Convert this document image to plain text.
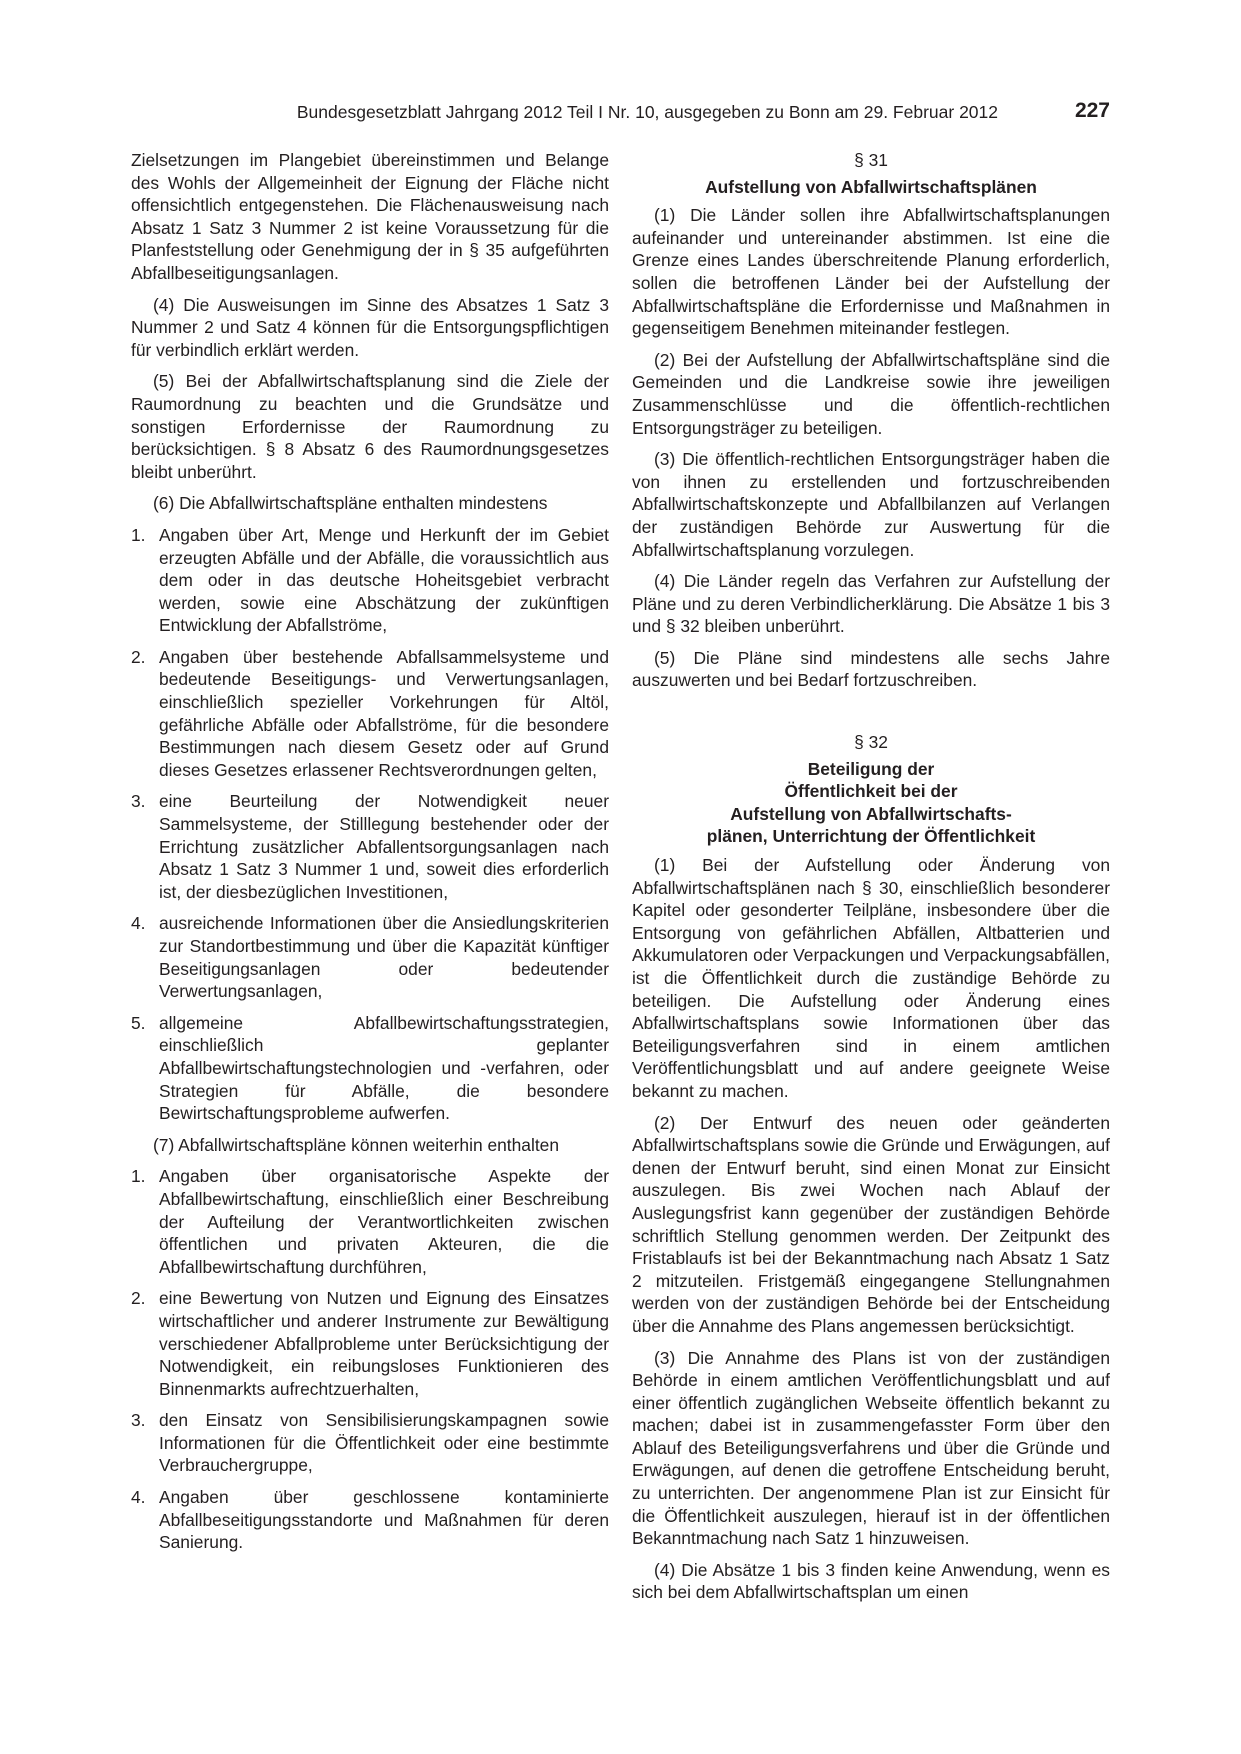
Bundesgesetzblatt Jahrgang 2012 Teil I Nr. 10, ausgegeben zu Bonn am 29. Februar 2012	227

Zielsetzungen im Plangebiet übereinstimmen und Belange des Wohls der Allgemeinheit der Eignung der Fläche nicht offensichtlich entgegenstehen. Die Flächenausweisung nach Absatz 1 Satz 3 Nummer 2 ist keine Voraussetzung für die Planfeststellung oder Genehmigung der in § 35 aufgeführten Abfallbeseitigungsanlagen.

(4) Die Ausweisungen im Sinne des Absatzes 1 Satz 3 Nummer 2 und Satz 4 können für die Entsorgungspflichtigen für verbindlich erklärt werden.

(5) Bei der Abfallwirtschaftsplanung sind die Ziele der Raumordnung zu beachten und die Grundsätze und sonstigen Erfordernisse der Raumordnung zu berücksichtigen. § 8 Absatz 6 des Raumordnungsgesetzes bleibt unberührt.

(6) Die Abfallwirtschaftspläne enthalten mindestens

1. Angaben über Art, Menge und Herkunft der im Gebiet erzeugten Abfälle und der Abfälle, die voraussichtlich aus dem oder in das deutsche Hoheitsgebiet verbracht werden, sowie eine Abschätzung der zukünftigen Entwicklung der Abfallströme,
2. Angaben über bestehende Abfallsammelsysteme und bedeutende Beseitigungs- und Verwertungsanlagen, einschließlich spezieller Vorkehrungen für Altöl, gefährliche Abfälle oder Abfallströme, für die besondere Bestimmungen nach diesem Gesetz oder auf Grund dieses Gesetzes erlassener Rechtsverordnungen gelten,
3. eine Beurteilung der Notwendigkeit neuer Sammelsysteme, der Stilllegung bestehender oder der Errichtung zusätzlicher Abfallentsorgungsanlagen nach Absatz 1 Satz 3 Nummer 1 und, soweit dies erforderlich ist, der diesbezüglichen Investitionen,
4. ausreichende Informationen über die Ansiedlungskriterien zur Standortbestimmung und über die Kapazität künftiger Beseitigungsanlagen oder bedeutender Verwertungsanlagen,
5. allgemeine Abfallbewirtschaftungsstrategien, einschließlich geplanter Abfallbewirtschaftungstechnologien und -verfahren, oder Strategien für Abfälle, die besondere Bewirtschaftungsprobleme aufwerfen.

(7) Abfallwirtschaftspläne können weiterhin enthalten

1. Angaben über organisatorische Aspekte der Abfallbewirtschaftung, einschließlich einer Beschreibung der Aufteilung der Verantwortlichkeiten zwischen öffentlichen und privaten Akteuren, die die Abfallbewirtschaftung durchführen,
2. eine Bewertung von Nutzen und Eignung des Einsatzes wirtschaftlicher und anderer Instrumente zur Bewältigung verschiedener Abfallprobleme unter Berücksichtigung der Notwendigkeit, ein reibungsloses Funktionieren des Binnenmarkts aufrechtzuerhalten,
3. den Einsatz von Sensibilisierungskampagnen sowie Informationen für die Öffentlichkeit oder eine bestimmte Verbrauchergruppe,
4. Angaben über geschlossene kontaminierte Abfallbeseitigungsstandorte und Maßnahmen für deren Sanierung.
§ 31
Aufstellung von Abfallwirtschaftsplänen

(1) Die Länder sollen ihre Abfallwirtschaftsplanungen aufeinander und untereinander abstimmen. Ist eine die Grenze eines Landes überschreitende Planung erforderlich, sollen die betroffenen Länder bei der Aufstellung der Abfallwirtschaftspläne die Erfordernisse und Maßnahmen in gegenseitigem Benehmen miteinander festlegen.

(2) Bei der Aufstellung der Abfallwirtschaftspläne sind die Gemeinden und die Landkreise sowie ihre jeweiligen Zusammenschlüsse und die öffentlich-rechtlichen Entsorgungsträger zu beteiligen.

(3) Die öffentlich-rechtlichen Entsorgungsträger haben die von ihnen zu erstellenden und fortzuschreibenden Abfallwirtschaftskonzepte und Abfallbilanzen auf Verlangen der zuständigen Behörde zur Auswertung für die Abfallwirtschaftsplanung vorzulegen.

(4) Die Länder regeln das Verfahren zur Aufstellung der Pläne und zu deren Verbindlicherklärung. Die Absätze 1 bis 3 und § 32 bleiben unberührt.

(5) Die Pläne sind mindestens alle sechs Jahre auszuwerten und bei Bedarf fortzuschreiben.

§ 32
Beteiligung der
Öffentlichkeit bei der
Aufstellung von Abfallwirtschafts-
plänen, Unterrichtung der Öffentlichkeit

(1) Bei der Aufstellung oder Änderung von Abfallwirtschaftsplänen nach § 30, einschließlich besonderer Kapitel oder gesonderter Teilpläne, insbesondere über die Entsorgung von gefährlichen Abfällen, Altbatterien und Akkumulatoren oder Verpackungen und Verpackungsabfällen, ist die Öffentlichkeit durch die zuständige Behörde zu beteiligen. Die Aufstellung oder Änderung eines Abfallwirtschaftsplans sowie Informationen über das Beteiligungsverfahren sind in einem amtlichen Veröffentlichungsblatt und auf andere geeignete Weise bekannt zu machen.

(2) Der Entwurf des neuen oder geänderten Abfallwirtschaftsplans sowie die Gründe und Erwägungen, auf denen der Entwurf beruht, sind einen Monat zur Einsicht auszulegen. Bis zwei Wochen nach Ablauf der Auslegungsfrist kann gegenüber der zuständigen Behörde schriftlich Stellung genommen werden. Der Zeitpunkt des Fristablaufs ist bei der Bekanntmachung nach Absatz 1 Satz 2 mitzuteilen. Fristgemäß eingegangene Stellungnahmen werden von der zuständigen Behörde bei der Entscheidung über die Annahme des Plans angemessen berücksichtigt.

(3) Die Annahme des Plans ist von der zuständigen Behörde in einem amtlichen Veröffentlichungsblatt und auf einer öffentlich zugänglichen Webseite öffentlich bekannt zu machen; dabei ist in zusammengefasster Form über den Ablauf des Beteiligungsverfahrens und über die Gründe und Erwägungen, auf denen die getroffene Entscheidung beruht, zu unterrichten. Der angenommene Plan ist zur Einsicht für die Öffentlichkeit auszulegen, hierauf ist in der öffentlichen Bekanntmachung nach Satz 1 hinzuweisen.

(4) Die Absätze 1 bis 3 finden keine Anwendung, wenn es sich bei dem Abfallwirtschaftsplan um einen
